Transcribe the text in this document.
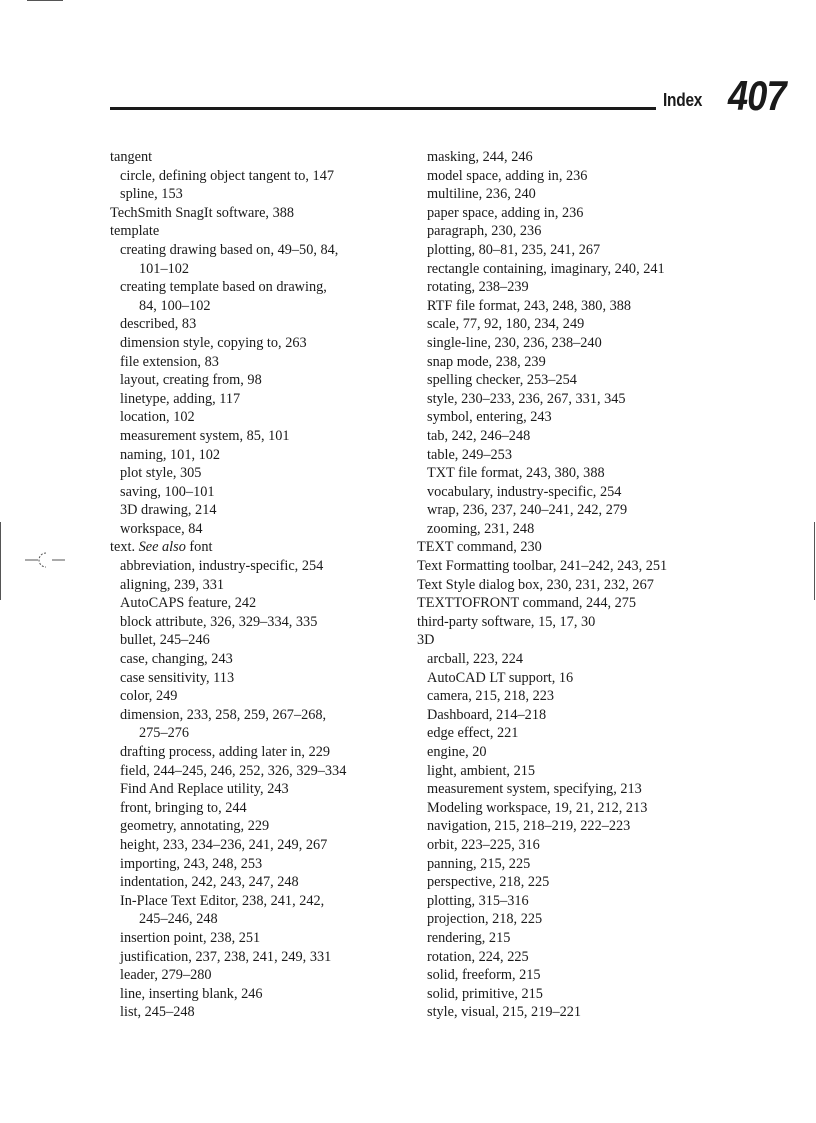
Index 407

tangent

circle, defining object tangent to, 147

spline, 153

TechSmith SnagIt software, 388

template

creating drawing based on, 49–50, 84,

101–102

creating template based on drawing,

84, 100–102

described, 83

dimension style, copying to, 263

file extension, 83

layout, creating from, 98

linetype, adding, 117

location, 102

measurement system, 85, 101

naming, 101, 102

plot style, 305

saving, 100–101

3D drawing, 214

workspace, 84

text. See also font

abbreviation, industry-specific, 254

aligning, 239, 331

AutoCAPS feature, 242

block attribute, 326, 329–334, 335

bullet, 245–246

case, changing, 243

case sensitivity, 113

color, 249

dimension, 233, 258, 259, 267–268,

275–276

drafting process, adding later in, 229

field, 244–245, 246, 252, 326, 329–334

Find And Replace utility, 243

front, bringing to, 244

geometry, annotating, 229

height, 233, 234–236, 241, 249, 267

importing, 243, 248, 253

indentation, 242, 243, 247, 248

In-Place Text Editor, 238, 241, 242,

245–246, 248

insertion point, 238, 251

justification, 237, 238, 241, 249, 331

leader, 279–280

line, inserting blank, 246

list, 245–248

masking, 244, 246

model space, adding in, 236

multiline, 236, 240

paper space, adding in, 236

paragraph, 230, 236

plotting, 80–81, 235, 241, 267

rectangle containing, imaginary, 240, 241

rotating, 238–239

RTF file format, 243, 248, 380, 388

scale, 77, 92, 180, 234, 249

single-line, 230, 236, 238–240

snap mode, 238, 239

spelling checker, 253–254

style, 230–233, 236, 267, 331, 345

symbol, entering, 243

tab, 242, 246–248

table, 249–253

TXT file format, 243, 380, 388

vocabulary, industry-specific, 254

wrap, 236, 237, 240–241, 242, 279

zooming, 231, 248

TEXT command, 230

Text Formatting toolbar, 241–242, 243, 251

Text Style dialog box, 230, 231, 232, 267

TEXTTOFRONT command, 244, 275

third-party software, 15, 17, 30

3D

arcball, 223, 224

AutoCAD LT support, 16

camera, 215, 218, 223

Dashboard, 214–218

edge effect, 221

engine, 20

light, ambient, 215

measurement system, specifying, 213

Modeling workspace, 19, 21, 212, 213

navigation, 215, 218–219, 222–223

orbit, 223–225, 316

panning, 215, 225

perspective, 218, 225

plotting, 315–316

projection, 218, 225

rendering, 215

rotation, 224, 225

solid, freeform, 215

solid, primitive, 215

style, visual, 215, 219–221
